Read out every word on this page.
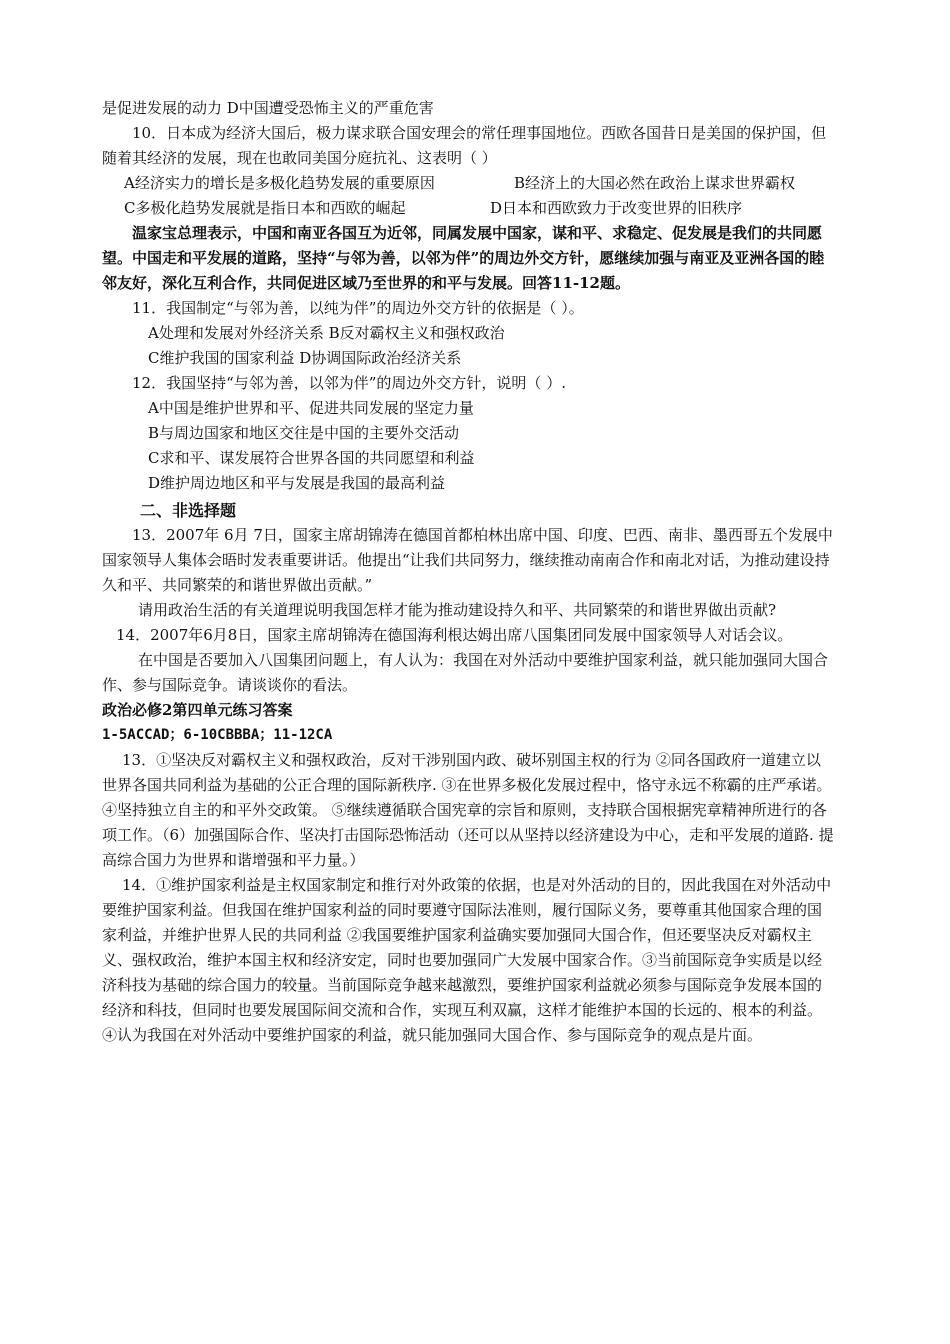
是促进发展的动力 D中国遭受恐怖主义的严重危害

10．日本成为经济大国后，极力谋求联合国安理会的常任理事国地位。西欧各国昔日是美国的保护国，但随着其经济的发展，现在也敢同美国分庭抗礼、这表明（ ）

A经济实力的增长是多极化趋势发展的重要原因	B经济上的大国必然在政治上谋求世界霸权
C多极化趋势发展就是指日本和西欧的崛起	D日本和西欧致力于改变世界的旧秩序

温家宝总理表示，中国和南亚各国互为近邻，同属发展中国家，谋和平、求稳定、促发展是我们的共同愿望。中国走和平发展的道路，坚持“与邻为善，以邻为伴”的周边外交方针，愿继续加强与南亚及亚洲各国的睦邻友好，深化互利合作，共同促进区域乃至世界的和平与发展。回答11-12题。

11．我国制定“与邻为善，以纯为伴”的周边外交方针的依据是（ ）。
A处理和发展对外经济关系 B反对霸权主义和强权政治
C维护我国的国家利益 D协调国际政治经济关系
12．我国坚持“与邻为善，以邻为伴”的周边外交方针，说明（ ）.
A中国是维护世界和平、促进共同发展的坚定力量
B与周边国家和地区交往是中国的主要外交活动
C求和平、谋发展符合世界各国的共同愿望和利益
D维护周边地区和平与发展是我国的最高利益
二、非选择题

13．2007年 6月 7日，国家主席胡锦涛在德国首都柏林出席中国、印度、巴西、南非、墨西哥五个发展中国家领导人集体会晤时发表重要讲话。他提出“让我们共同努力，继续推动南南合作和南北对话，为推动建设持久和平、共同繁荣的和谐世界做出贡献。”

请用政治生活的有关道理说明我国怎样才能为推动建设持久和平、共同繁荣的和谐世界做出贡献?

14．2007年6月8日，国家主席胡锦涛在德国海利根达姆出席八国集团同发展中国家领导人对话会议。

在中国是否要加入八国集团问题上，有人认为：我国在对外活动中要维护国家利益，就只能加强同大国合作、参与国际竞争。请谈谈你的看法。

政治必修2第四单元练习答案
1-5ACCAD；6-10CBBBA；11-12CA

13．①坚决反对霸权主义和强权政治，反对干涉别国内政、破坏别国主权的行为 ②同各国政府一道建立以世界各国共同利益为基础的公正合理的国际新秩序. ③在世界多极化发展过程中，恪守永远不称霸的庄严承诺。 ④坚持独立自主的和平外交政策。 ⑤继续遵循联合国宪章的宗旨和原则，支持联合国根据宪章精神所进行的各项工作。（6）加强国际合作、坚决打击国际恐怖活动（还可以从坚持以经济建设为中心，走和平发展的道路. 提高综合国力为世界和谐增强和平力量。）

14．①维护国家利益是主权国家制定和推行对外政策的依据，也是对外活动的目的，因此我国在对外活动中要维护国家利益。但我国在维护国家利益的同时要遵守国际法准则，履行国际义务，要尊重其他国家合理的国家利益，并维护世界人民的共同利益 ②我国要维护国家利益确实要加强同大国合作，但还要坚决反对霸权主义、强权政治，维护本国主权和经济安定，同时也要加强同广大发展中国家合作。③当前国际竞争实质是以经济科技为基础的综合国力的较量。当前国际竞争越来越激烈，要维护国家利益就必须参与国际竞争发展本国的经济和科技，但同时也要发展国际间交流和合作，实现互利双赢，这样才能维护本国的长远的、根本的利益。④认为我国在对外活动中要维护国家的利益，就只能加强同大国合作、参与国际竞争的观点是片面。
